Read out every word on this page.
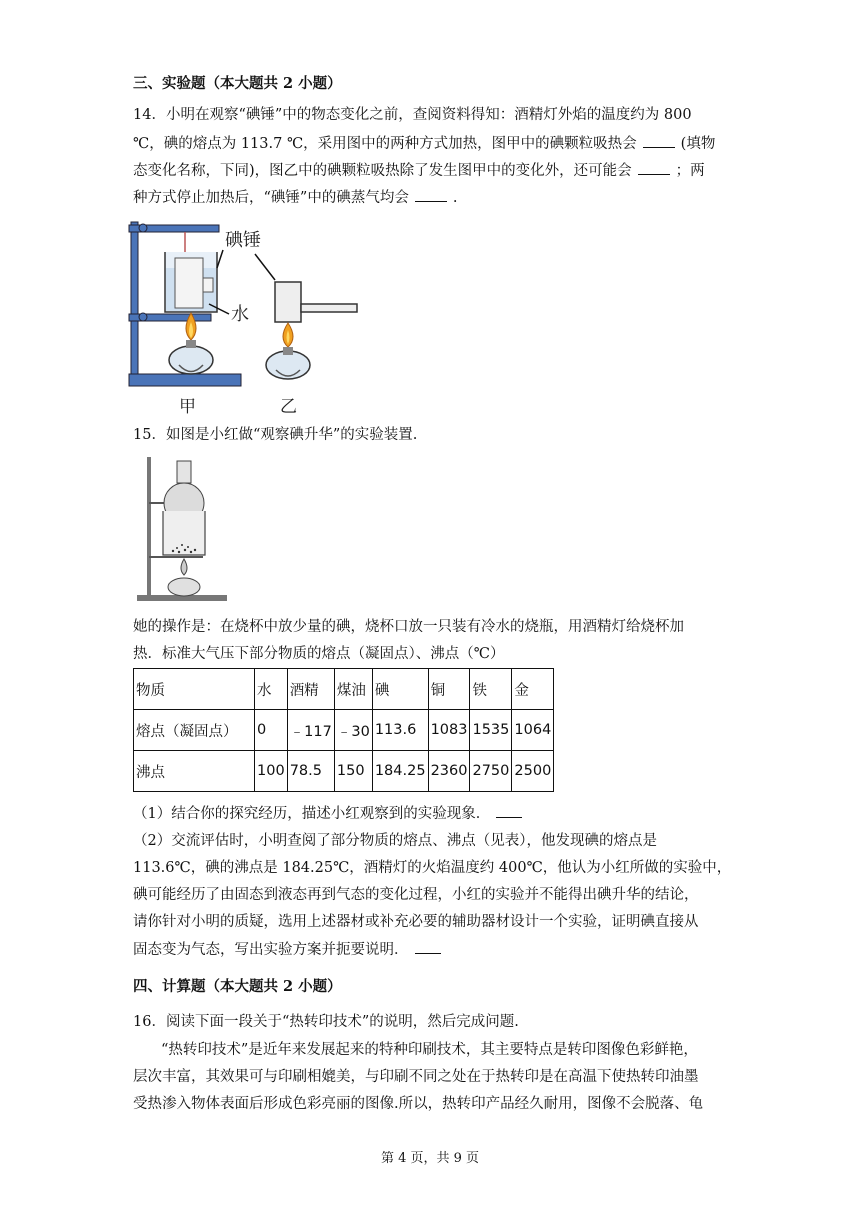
三、实验题（本大题共 2 小题）
14．小明在观察“碘锤”中的物态变化之前，查阅资料得知：酒精灯外焰的温度约为 800
℃，碘的熔点为 113.7 ℃，采用图中的两种方式加热，图甲中的碘颗粒吸热会	(填物
态变化名称，下同)，图乙中的碘颗粒吸热除了发生图甲中的变化外，还可能会	；两
种方式停止加热后，“碘锤”中的碘蒸气均会	.
碘锤
水
甲	乙
15．如图是小红做“观察碘升华”的实验装置.
她的操作是：在烧杯中放少量的碘，烧杯口放一只装有冷水的烧瓶，用酒精灯给烧杯加
热．标准大气压下部分物质的熔点（凝固点）、沸点（℃）
物质	水	酒精	煤油	碘	铜	铁	金
熔点（凝固点）	0	﹣117	﹣30	113.6	1083	1535	1064
沸点	100	78.5	150	184.25	2360	2750	2500
（1）结合你的探究经历，描述小红观察到的实验现象．
（2）交流评估时，小明查阅了部分物质的熔点、沸点（见表），他发现碘的熔点是
113.6℃，碘的沸点是 184.25℃，酒精灯的火焰温度约 400℃，他认为小红所做的实验中，
碘可能经历了由固态到液态再到气态的变化过程，小红的实验并不能得出碘升华的结论，
请你针对小明的质疑，选用上述器材或补充必要的辅助器材设计一个实验，证明碘直接从
固态变为气态，写出实验方案并扼要说明．
四、计算题（本大题共 2 小题）
16．阅读下面一段关于“热转印技术”的说明，然后完成问题.
“热转印技术”是近年来发展起来的特种印刷技术，其主要特点是转印图像色彩鲜艳，
层次丰富，其效果可与印刷相媲美，与印刷不同之处在于热转印是在高温下使热转印油墨
受热渗入物体表面后形成色彩亮丽的图像.所以，热转印产品经久耐用，图像不会脱落、龟
第 4 页，共 9 页
